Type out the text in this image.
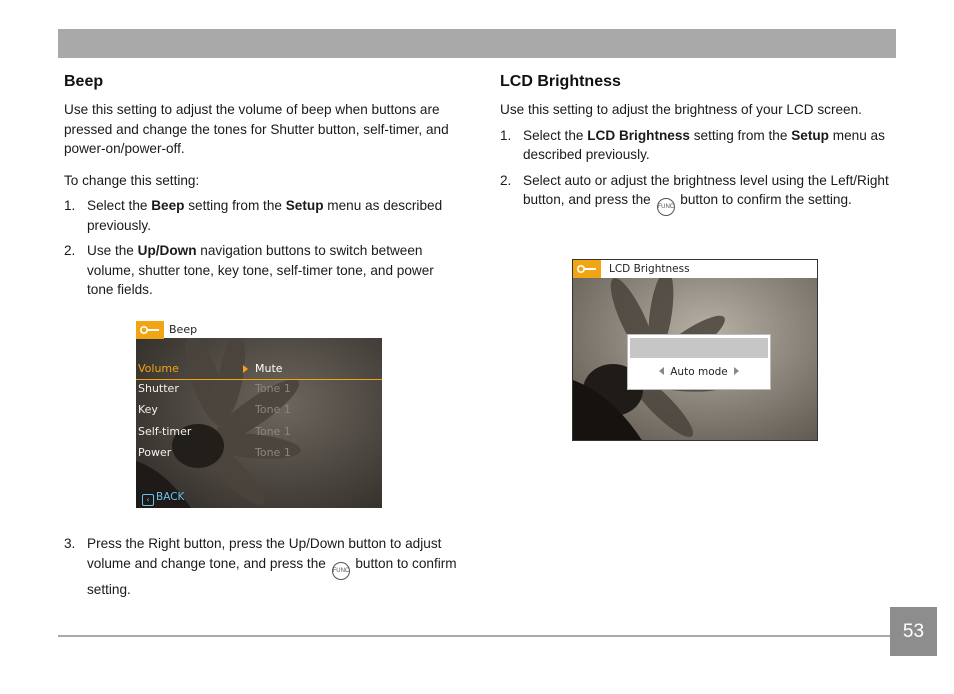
Beep

Use this setting to adjust the volume of beep when buttons are pressed and change the tones for Shutter button, self-timer, and power-on/power-off.

To change this setting:

1. Select the Beep setting from the Setup menu as described previously.
2. Use the Up/Down navigation buttons to switch between volume, shutter tone, key tone, self-timer tone, and power tone fields.
Beep
Volume	Mute
Shutter	Tone 1
Key	Tone 1
Self-timer	Tone 1
Power	Tone 1
‹ BACK
3. Press the Right button, press the Up/Down button to adjust volume and change tone, and press the FUNC
button to confirm setting.
LCD Brightness

Use this setting to adjust the brightness of your LCD screen.

1. Select the LCD Brightness setting from the Setup menu as described previously.
2. Select auto or adjust the brightness level using the Left/Right button, and press the FUNC button to confirm the setting.
LCD Brightness
Auto mode
53
